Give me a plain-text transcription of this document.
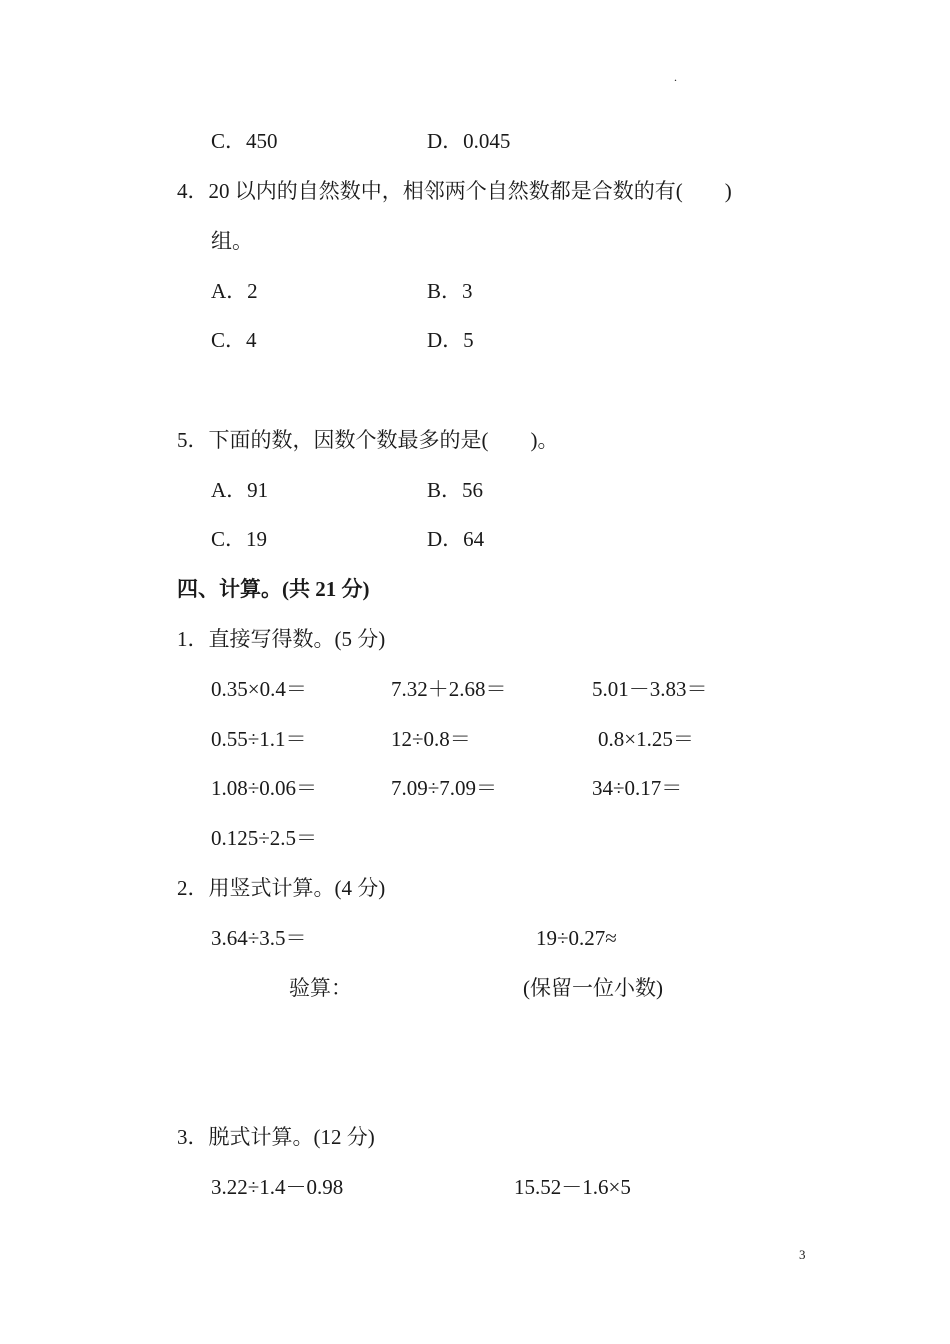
.
C．450	D．0.045
4．20 以内的自然数中，相邻两个自然数都是合数的有(　　)
组。
A．2	B．3
C．4	D．5
5．下面的数，因数个数最多的是(　　)。
A．91	B．56
C．19	D．64
四、计算。(共 21 分)
1．直接写得数。(5 分)
0.35×0.4＝	7.32＋2.68＝	5.01－3.83＝
0.55÷1.1＝	12÷0.8＝	0.8×1.25＝
1.08÷0.06＝	7.09÷7.09＝	34÷0.17＝
0.125÷2.5＝
2．用竖式计算。(4 分)
3.64÷3.5＝	19÷0.27≈
验算：	(保留一位小数)
3．脱式计算。(12 分)
3.22÷1.4－0.98	15.52－1.6×5
3
